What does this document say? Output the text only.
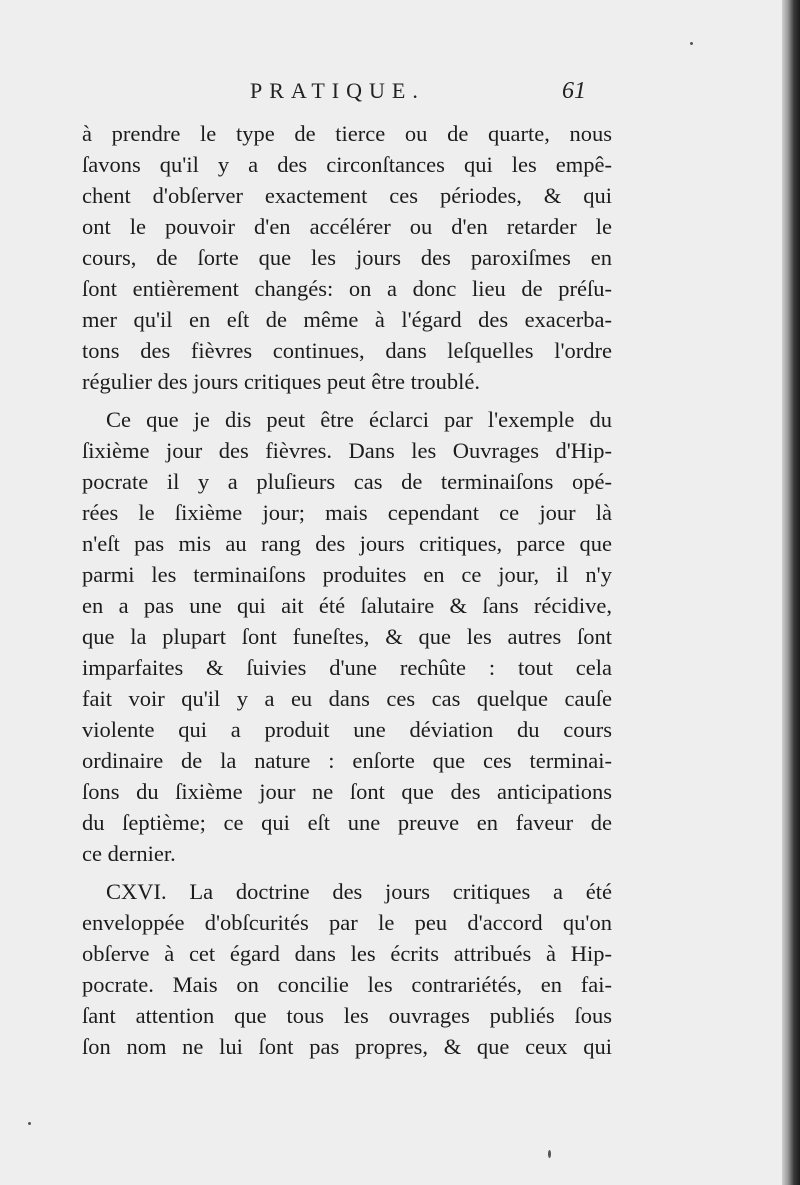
PRATIQUE.	61
à prendre le type de tierce ou de quarte, nous
ſavons qu'il y a des circonſtances qui les empê-
chent d'obſerver exactement ces périodes, & qui
ont le pouvoir d'en accélérer ou d'en retarder le
cours, de ſorte que les jours des paroxiſmes en
ſont entièrement changés: on a donc lieu de préſu-
mer qu'il en eſt de même à l'égard des exacerba-
tons des fièvres continues, dans leſquelles l'ordre
régulier des jours critiques peut être troublé.
Ce que je dis peut être éclarci par l'exemple du
ſixième jour des fièvres. Dans les Ouvrages d'Hip-
pocrate il y a pluſieurs cas de terminaiſons opé-
rées le ſixième jour; mais cependant ce jour là
n'eſt pas mis au rang des jours critiques, parce que
parmi les terminaiſons produites en ce jour, il n'y
en a pas une qui ait été ſalutaire & ſans récidive,
que la plupart ſont funeſtes, & que les autres ſont
imparfaites & ſuivies d'une rechûte : tout cela
fait voir qu'il y a eu dans ces cas quelque cauſe
violente qui a produit une déviation du cours
ordinaire de la nature : enſorte que ces terminai-
ſons du ſixième jour ne ſont que des anticipations
du ſeptième; ce qui eſt une preuve en faveur de
ce dernier.
CXVI. La doctrine des jours critiques a été
enveloppée d'obſcurités par le peu d'accord qu'on
obſerve à cet égard dans les écrits attribués à Hip-
pocrate. Mais on concilie les contrariétés, en fai-
ſant attention que tous les ouvrages publiés ſous
ſon nom ne lui ſont pas propres, & que ceux qui
